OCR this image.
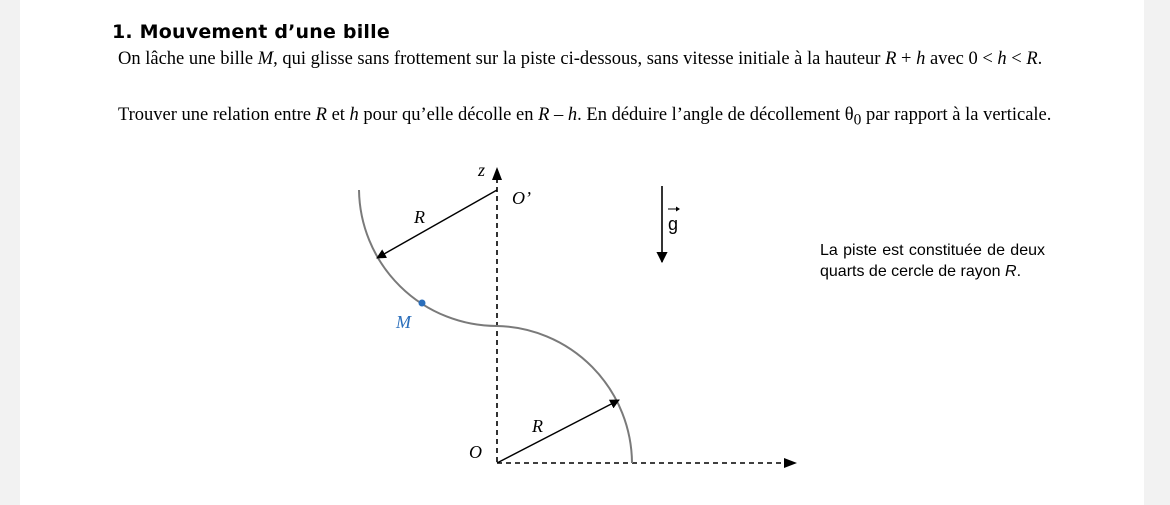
1. Mouvement d’une bille
On lâche une bille M, qui glisse sans frottement sur la piste ci-dessous, sans vitesse initiale à la hauteur R + h avec 0 < h < R.
Trouver une relation entre R et h pour qu’elle décolle en R – h. En déduire l’angle de décollement $\theta_0$ par rapport à la verticale.
z
O’
R
M
R
O
g
La piste est constituée de deux quarts de cercle de rayon R.
